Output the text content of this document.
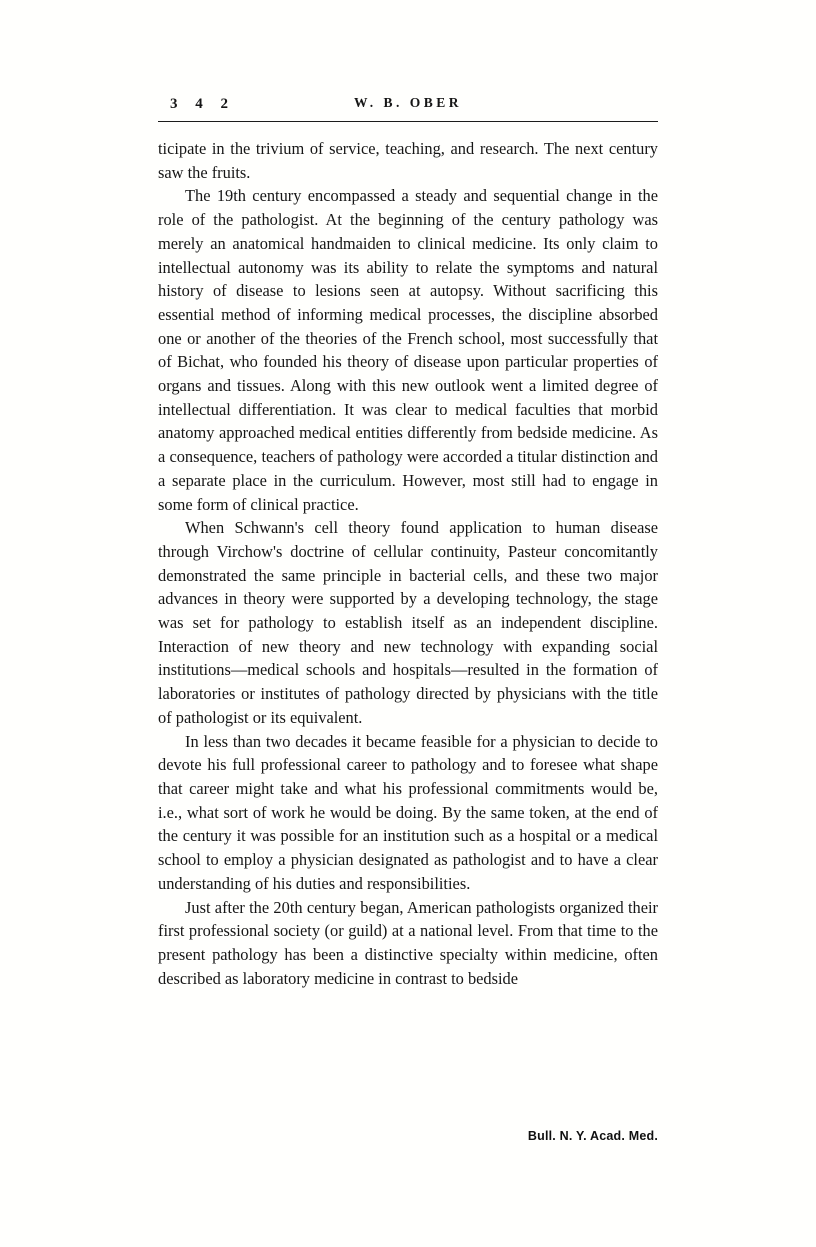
3 4 2	W. B. OBER

ticipate in the trivium of service, teaching, and research. The next century saw the fruits.

The 19th century encompassed a steady and sequential change in the role of the pathologist. At the beginning of the century pathology was merely an anatomical handmaiden to clinical medicine. Its only claim to intellectual autonomy was its ability to relate the symptoms and natural history of disease to lesions seen at autopsy. Without sacrificing this essential method of informing medical processes, the discipline absorbed one or another of the theories of the French school, most successfully that of Bichat, who founded his theory of disease upon particular properties of organs and tissues. Along with this new outlook went a limited degree of intellectual differentiation. It was clear to medical faculties that morbid anatomy approached medical entities differently from bedside medicine. As a consequence, teachers of pathology were accorded a titular distinction and a separate place in the curriculum. However, most still had to engage in some form of clinical practice.

When Schwann's cell theory found application to human disease through Virchow's doctrine of cellular continuity, Pasteur concomitantly demonstrated the same principle in bacterial cells, and these two major advances in theory were supported by a developing technology, the stage was set for pathology to establish itself as an independent discipline. Interaction of new theory and new technology with expanding social institutions—medical schools and hospitals—resulted in the formation of laboratories or institutes of pathology directed by physicians with the title of pathologist or its equivalent.

In less than two decades it became feasible for a physician to decide to devote his full professional career to pathology and to foresee what shape that career might take and what his professional commitments would be, i.e., what sort of work he would be doing. By the same token, at the end of the century it was possible for an institution such as a hospital or a medical school to employ a physician designated as pathologist and to have a clear understanding of his duties and responsibilities.

Just after the 20th century began, American pathologists organized their first professional society (or guild) at a national level. From that time to the present pathology has been a distinctive specialty within medicine, often described as laboratory medicine in contrast to bedside

Bull. N. Y. Acad. Med.
